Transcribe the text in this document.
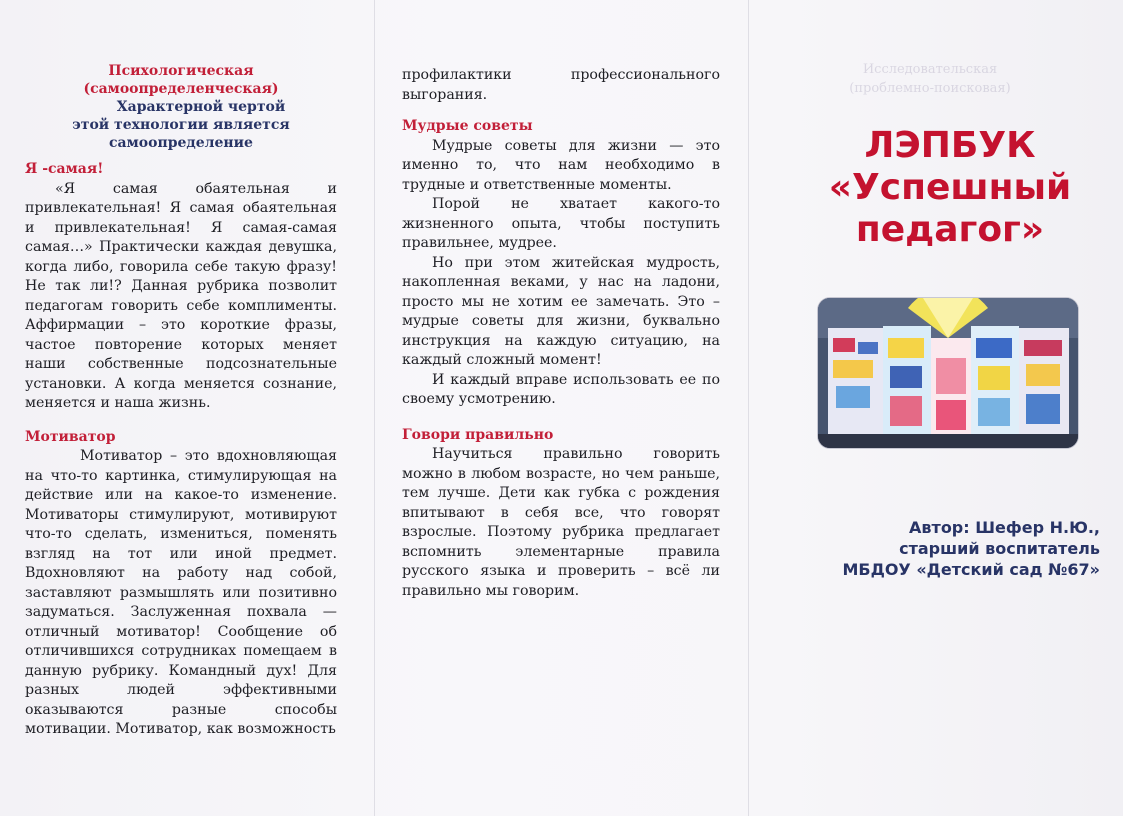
Исследовательская
(проблемно-поисковая)
Психологическая
(самоопределенческая)
Характерной чертой
этой технологии является
самоопределение

Я -самая!

«Я самая обаятельная и привлекательная! Я самая обаятельная и привлекательная! Я самая-самая самая…» Практически каждая девушка, когда либо, говорила себе такую фразу! Не так ли!? Данная рубрика позволит педагогам говорить себе комплименты. Аффирмации – это короткие фразы, частое повторение которых меняет наши собственные подсознательные установки. А когда меняется сознание, меняется и наша жизнь.

Мотиватор

Мотиватор – это вдохновляющая на что-то картинка, стимулирующая на действие или на какое-то изменение. Мотиваторы стимулируют, мотивируют что-то сделать, измениться, поменять взгляд на тот или иной предмет. Вдохновляют на работу над собой, заставляют размышлять или позитивно задуматься. Заслуженная похвала — отличный мотиватор! Сообщение об отличившихся сотрудниках помещаем в данную рубрику. Командный дух! Для разных людей эффективными оказываются разные способы мотивации. Мотиватор, как возможность

профилактики профессионального выгорания.

Мудрые советы

Мудрые советы для жизни — это именно то, что нам необходимо в трудные и ответственные моменты.

Порой не хватает какого-то жизненного опыта, чтобы поступить правильнее, мудрее.

Но при этом житейская мудрость, накопленная веками, у нас на ладони, просто мы не хотим ее замечать. Это – мудрые советы для жизни, буквально инструкция на каждую ситуацию, на каждый сложный момент!

И каждый вправе использовать ее по своему усмотрению.

Говори правильно

Научиться правильно говорить можно в любом возрасте, но чем раньше, тем лучше. Дети как губка с рождения впитывают в себя все, что говорят взрослые. Поэтому рубрика предлагает вспомнить элементарные правила русского языка и проверить – всё ли правильно мы говорим.

ЛЭПБУК
«Успешный
педагог»
Автор: Шефер Н.Ю.,
старший воспитатель
МБДОУ «Детский сад №67»
